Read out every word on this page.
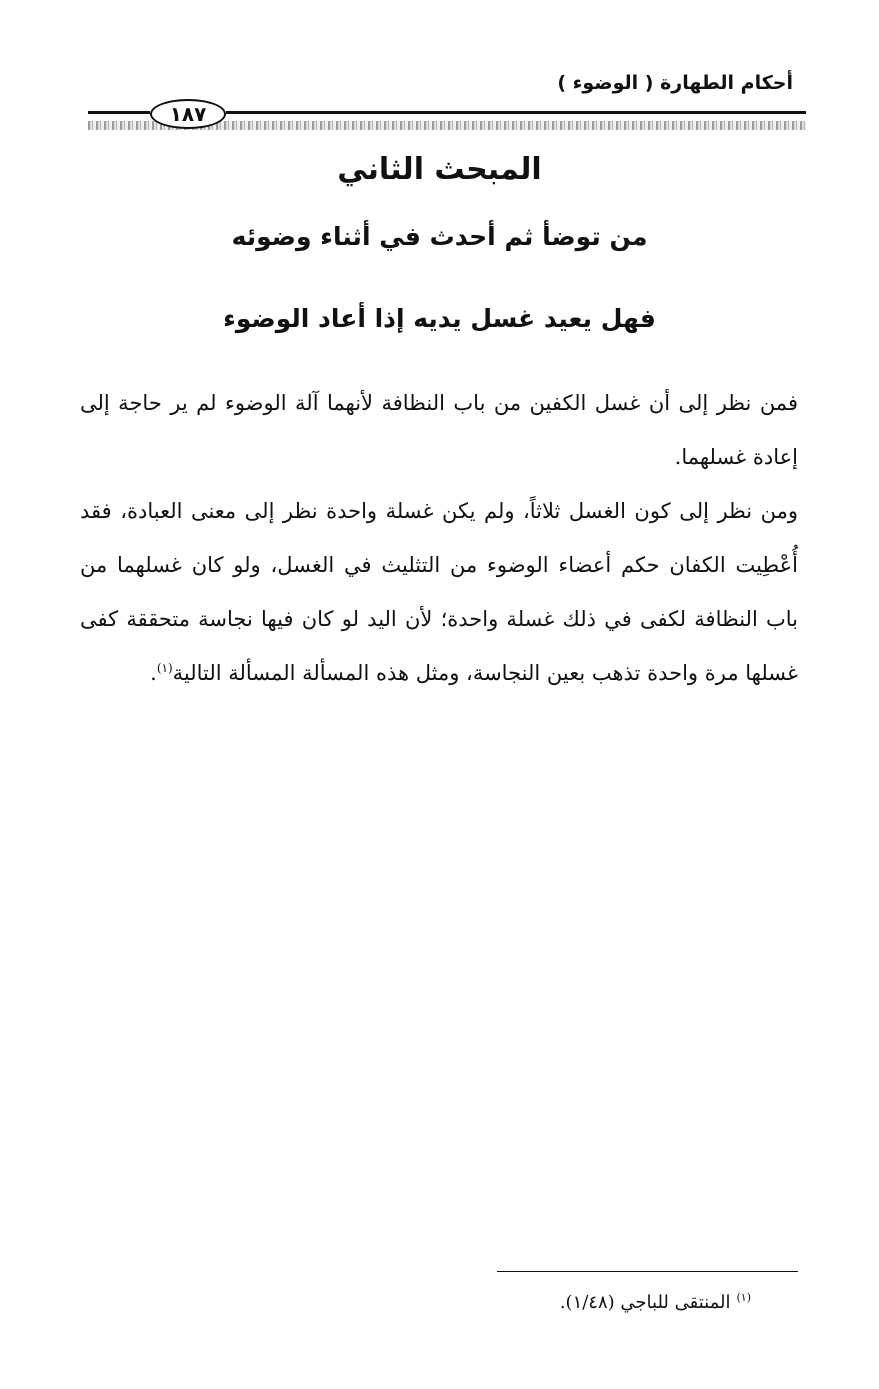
أحكام الطهارة ( الوضوء )
١٨٧
المبحث الثاني
من توضأ ثم أحدث في أثناء وضوئه
فهل يعيد غسل يديه إذا أعاد الوضوء

فمن نظر إلى أن غسل الكفين من باب النظافة لأنهما آلة الوضوء لم ير حاجة إلى إعادة غسلهما.

ومن نظر إلى كون الغسل ثلاثاً، ولم يكن غسلة واحدة نظر إلى معنى العبادة، فقد أُعْطِيت الكفان حكم أعضاء الوضوء من التثليث في الغسل، ولو كان غسلهما من باب النظافة لكفى في ذلك غسلة واحدة؛ لأن اليد لو كان فيها نجاسة متحققة كفى غسلها مرة واحدة تذهب بعين النجاسة، ومثل هذه المسألة المسألة التالية$^{(١)}$.

$^{(١)}$المنتقى للباجي (١/٤٨).
